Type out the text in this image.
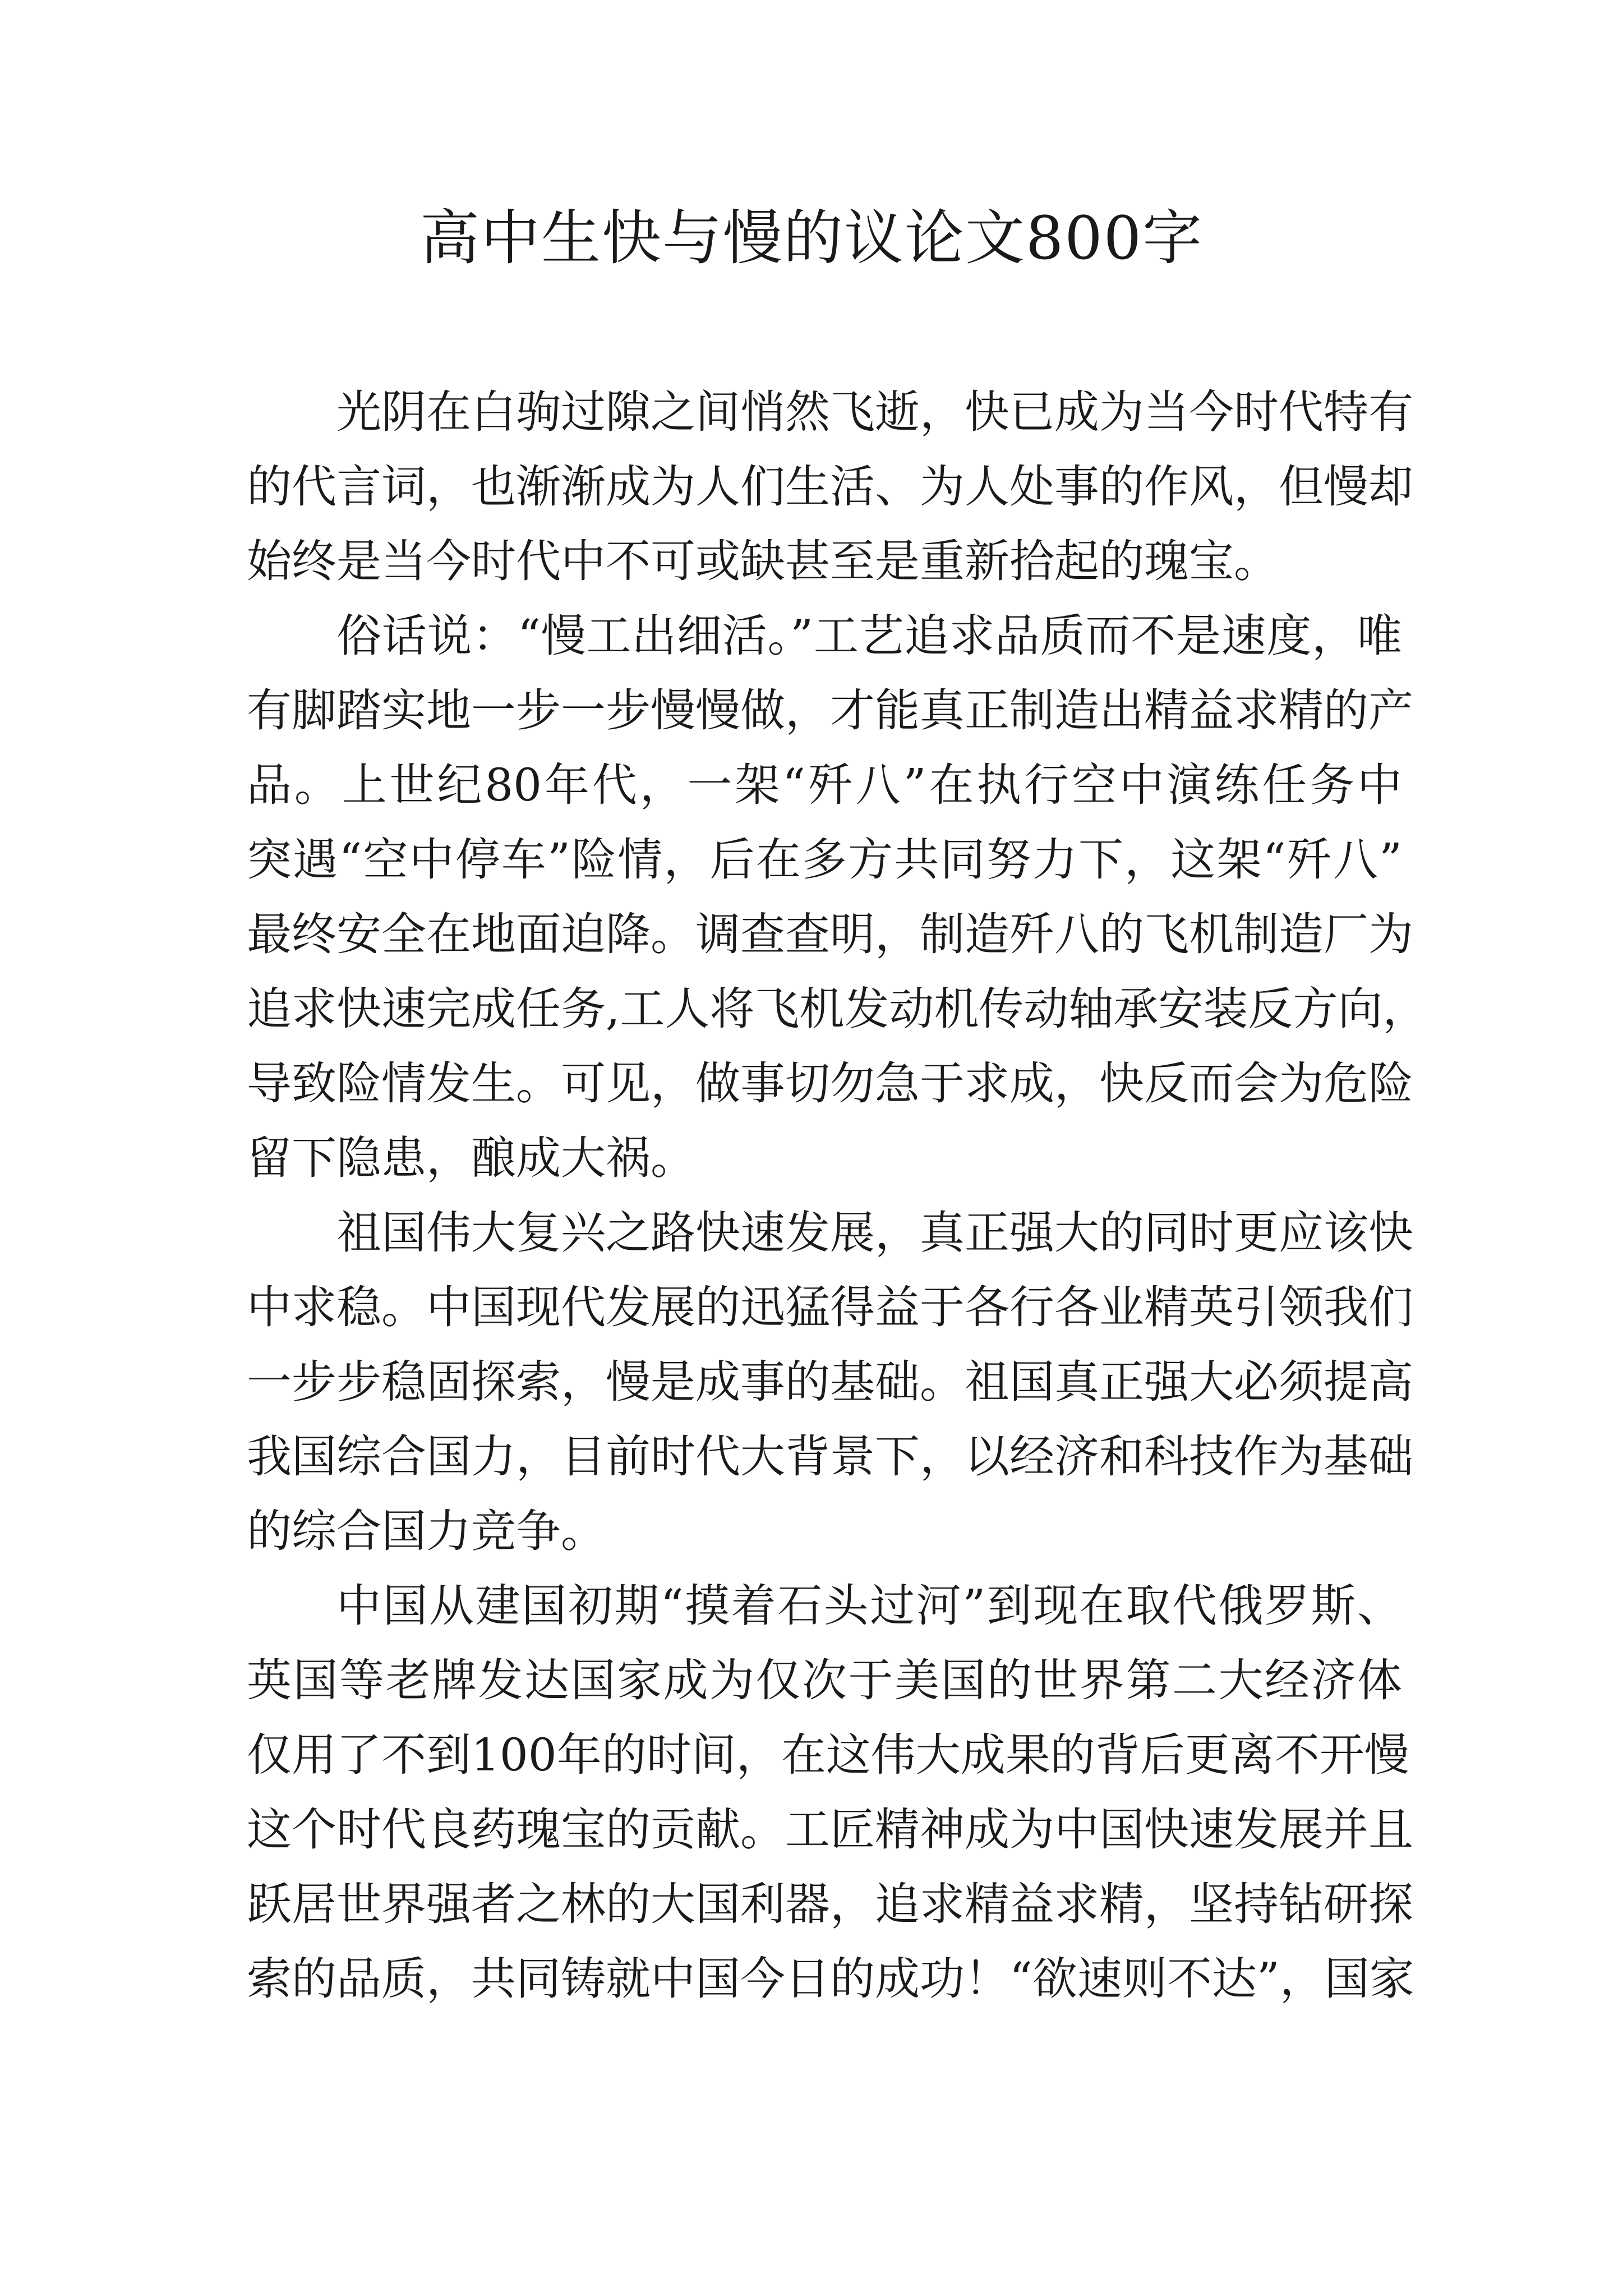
高中生快与慢的议论文800字
光阴在白驹过隙之间悄然飞逝，快已成为当今时代特有
的代言词，也渐渐成为人们生活、为人处事的作风，但慢却
始终是当今时代中不可或缺甚至是重新拾起的瑰宝。
俗话说：“慢工出细活。”工艺追求品质而不是速度，唯
有脚踏实地一步一步慢慢做，才能真正制造出精益求精的产
品。上世纪80年代，一架“歼八”在执行空中演练任务中
突遇“空中停车”险情，后在多方共同努力下，这架“歼八”
最终安全在地面迫降。调查查明，制造歼八的飞机制造厂为
追求快速完成任务,工人将飞机发动机传动轴承安装反方向，
导致险情发生。可见，做事切勿急于求成，快反而会为危险
留下隐患，酿成大祸。
祖国伟大复兴之路快速发展，真正强大的同时更应该快
中求稳。中国现代发展的迅猛得益于各行各业精英引领我们
一步步稳固探索，慢是成事的基础。祖国真正强大必须提高
我国综合国力，目前时代大背景下，以经济和科技作为基础
的综合国力竞争。
中国从建国初期“摸着石头过河”到现在取代俄罗斯、
英国等老牌发达国家成为仅次于美国的世界第二大经济体
仅用了不到100年的时间，在这伟大成果的背后更离不开慢
这个时代良药瑰宝的贡献。工匠精神成为中国快速发展并且
跃居世界强者之林的大国利器，追求精益求精，坚持钻研探
索的品质，共同铸就中国今日的成功！“欲速则不达”，国家
